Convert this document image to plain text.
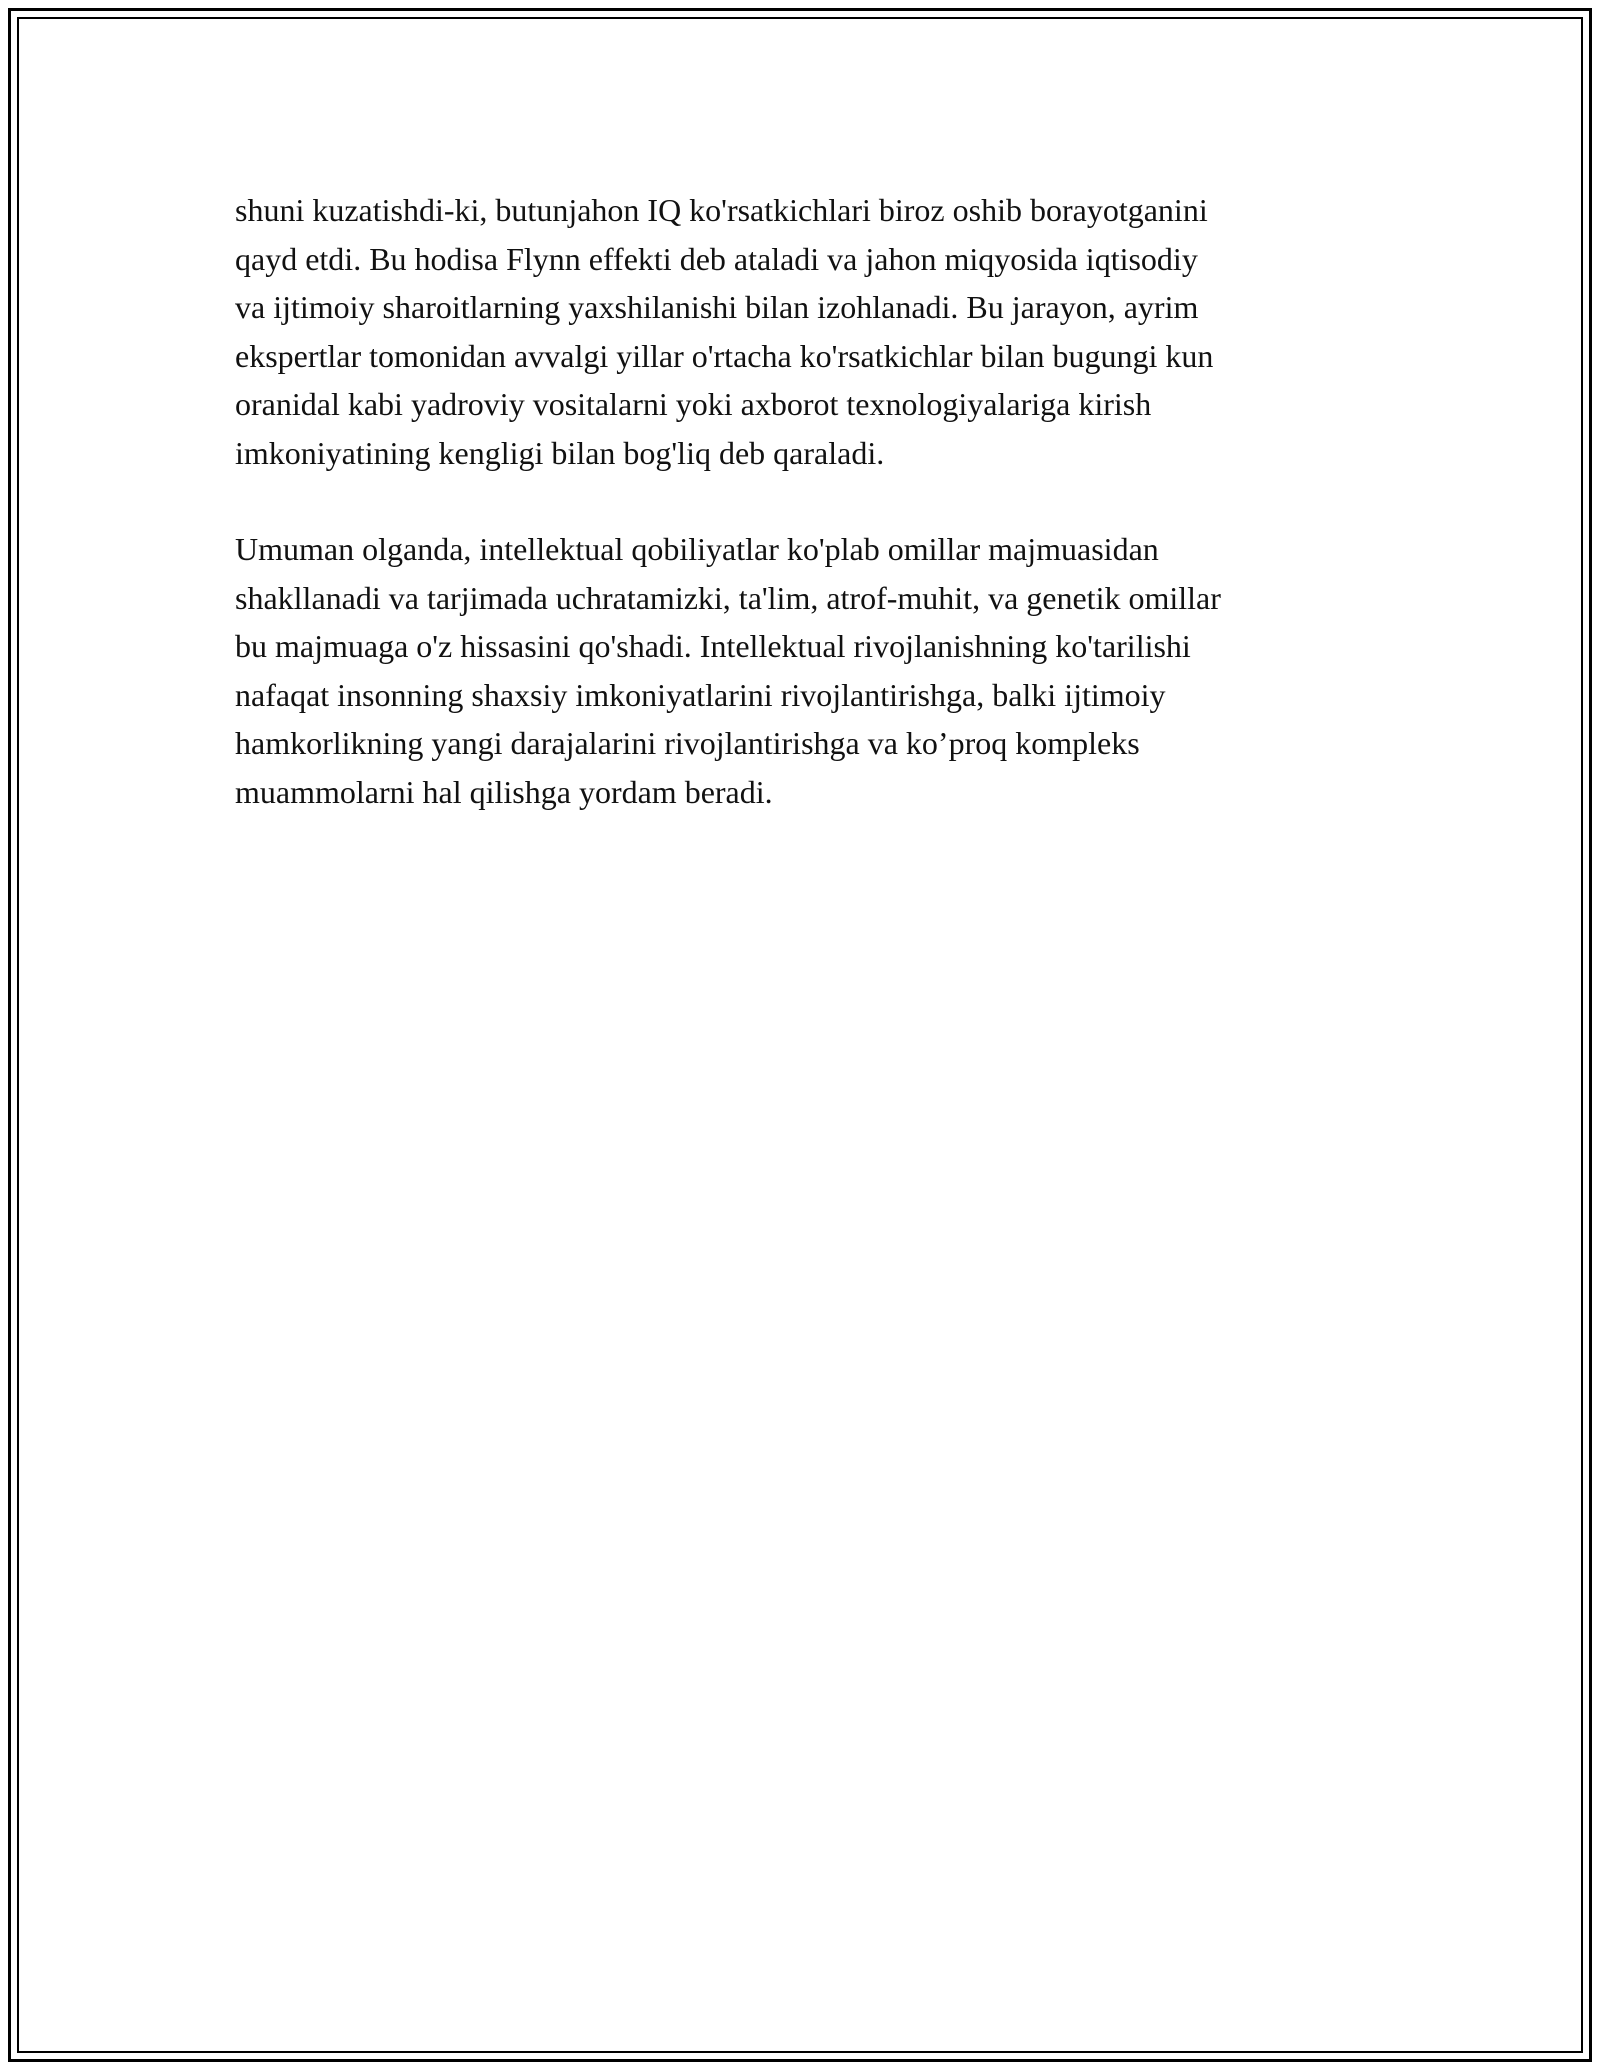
shuni kuzatishdi-ki, butunjahon IQ ko'rsatkichlari biroz oshib borayotganini
qayd etdi. Bu hodisa Flynn effekti deb ataladi va jahon miqyosida iqtisodiy
va ijtimoiy sharoitlarning yaxshilanishi bilan izohlanadi. Bu jarayon, ayrim
ekspertlar tomonidan avvalgi yillar o'rtacha ko'rsatkichlar bilan bugungi kun
oranidal kabi yadroviy vositalarni yoki axborot texnologiyalariga kirish
imkoniyatining kengligi bilan bog'liq deb qaraladi.

Umuman olganda, intellektual qobiliyatlar ko'plab omillar majmuasidan
shakllanadi va tarjimada uchratamizki, ta'lim, atrof-muhit, va genetik omillar
bu majmuaga o'z hissasini qo'shadi. Intellektual rivojlanishning ko'tarilishi
nafaqat insonning shaxsiy imkoniyatlarini rivojlantirishga, balki ijtimoiy
hamkorlikning yangi darajalarini rivojlantirishga va ko’proq kompleks
muammolarni hal qilishga yordam beradi.
